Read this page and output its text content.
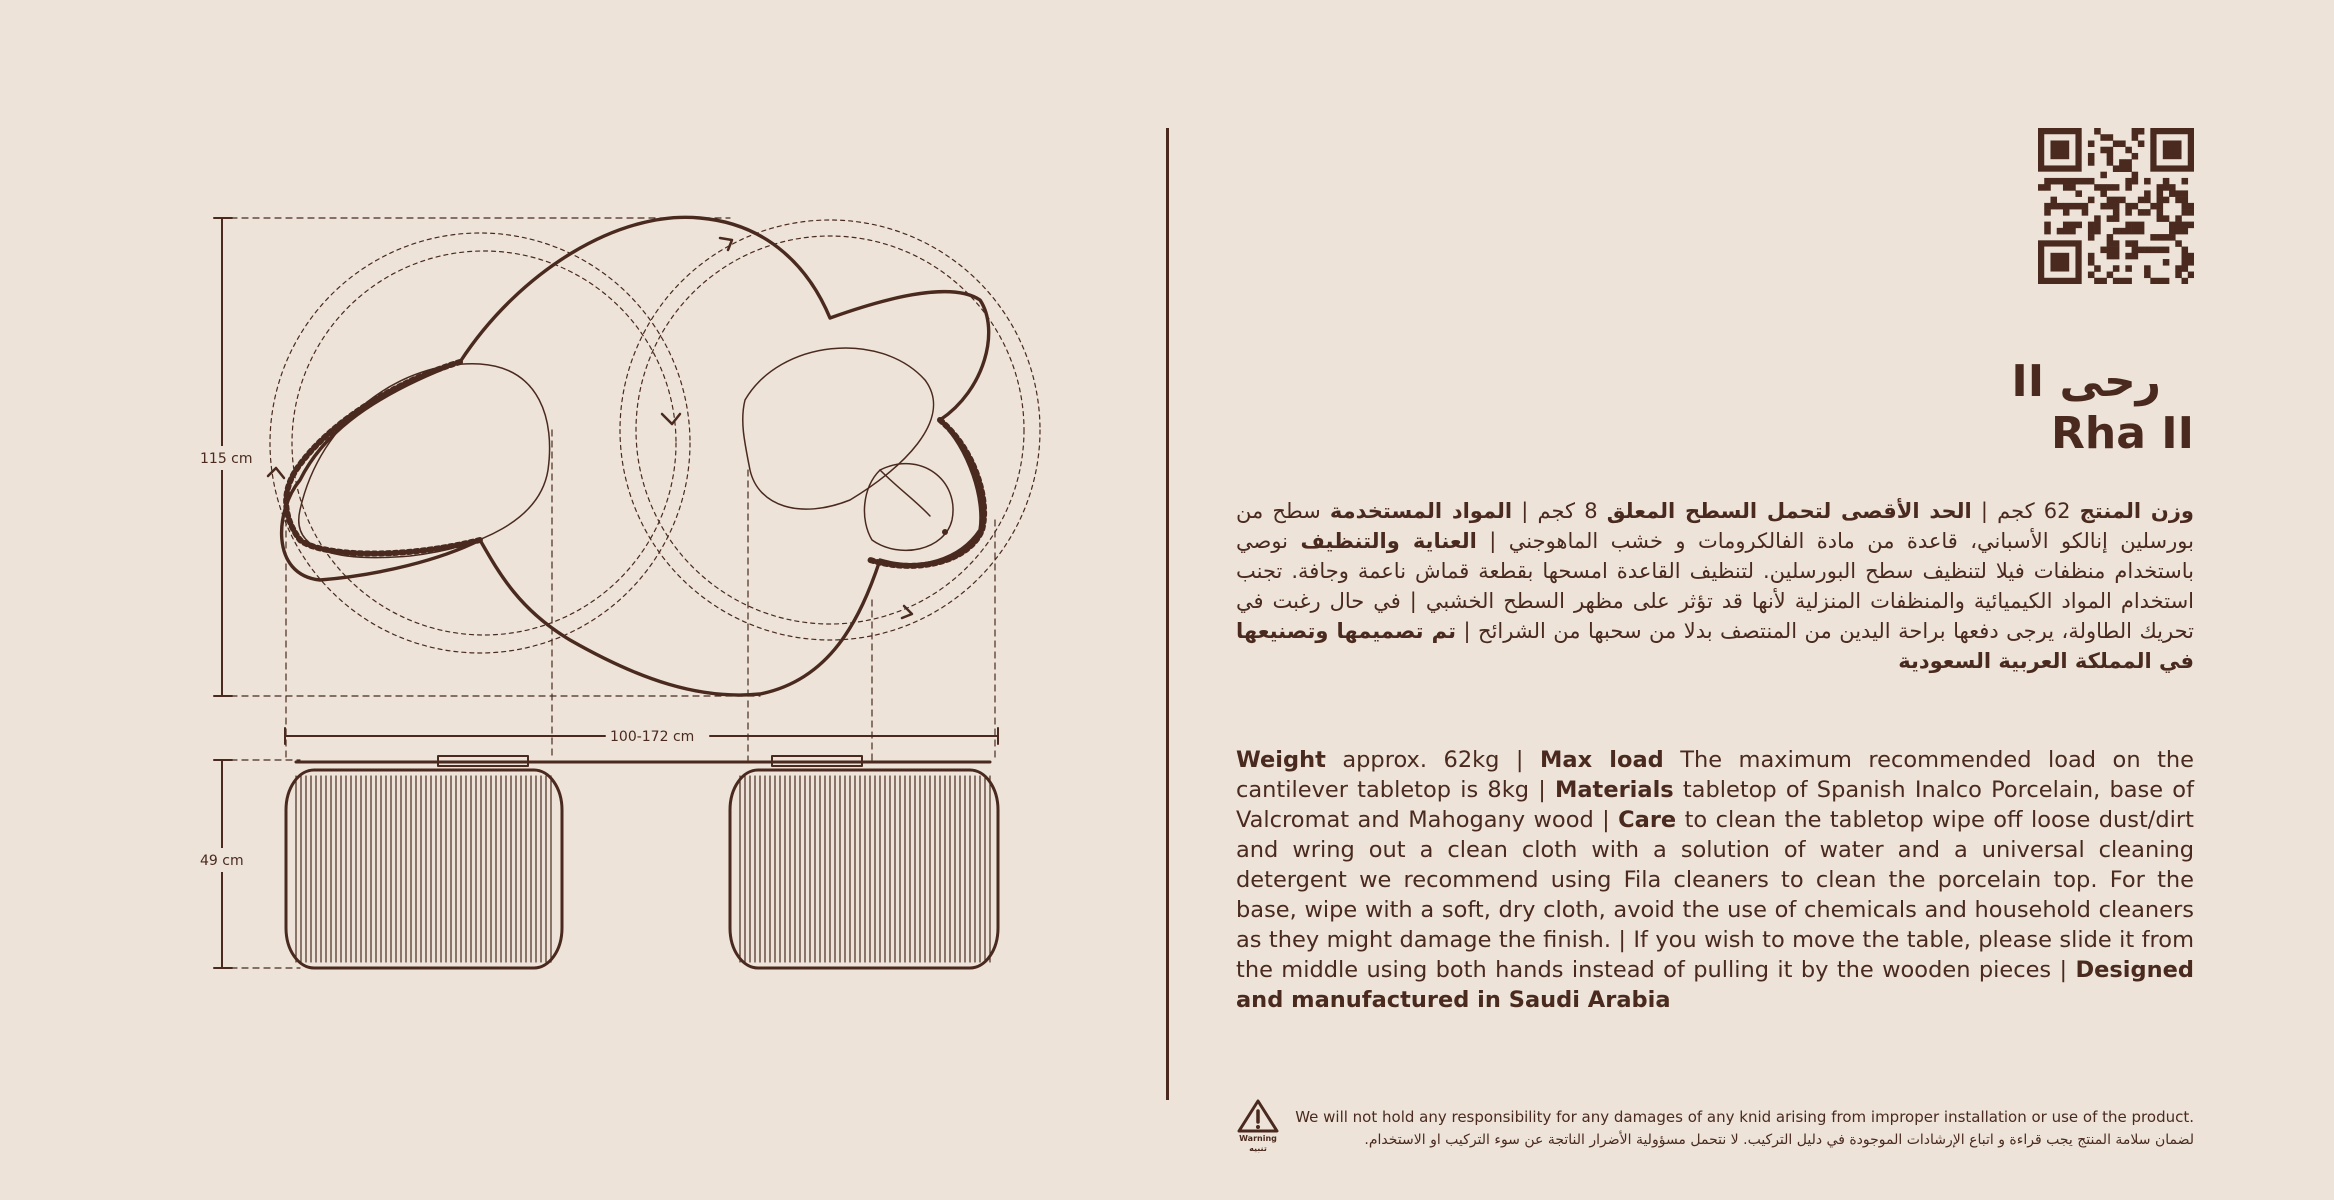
115 cm
49 cm
100-172 cm
رحى II
Rha II
وزن المنتج 62 كجم | الحد الأقصى لتحمل السطح المعلق 8 كجم | المواد المستخدمة سطح من بورسلين إنالكو الأسباني، قاعدة من مادة الفالكرومات و خشب الماهوجني | العناية والتنظيف نوصي باستخدام منظفات فيلا لتنظيف سطح البورسلين. لتنظيف القاعدة امسحها بقطعة قماش ناعمة وجافة. تجنب استخدام المواد الكيميائية والمنظفات المنزلية لأنها قد تؤثر على مظهر السطح الخشبي | في حال رغبت في تحريك الطاولة، يرجى دفعها براحة اليدين من المنتصف بدلا من سحبها من الشرائح | تم تصميمها وتصنيعها في المملكة العربية السعودية
Weight approx. 62kg | Max load The maximum recommended load on the cantilever tabletop is 8kg | Materials tabletop of Spanish Inalco Porcelain, base of Valcromat and Mahogany wood | Care to clean the tabletop wipe off loose dust/dirt and wring out a clean cloth with a solution of water and a universal cleaning detergent we recommend using Fila cleaners to clean the porcelain top. For the base, wipe with a soft, dry cloth, avoid the use of chemicals and household cleaners as they might damage the finish. | If you wish to move the table, please slide it from the middle using both hands instead of pulling it by the wooden pieces | Designed and manufactured in Saudi Arabia
Warning
تنبيه
We will not hold any responsibility for any damages of any knid arising from improper installation or use of the product.
لضمان سلامة المنتج يجب قراءة و اتباع الإرشادات الموجودة في دليل التركيب. لا نتحمل مسؤولية الأضرار الناتجة عن سوء التركيب او الاستخدام.
